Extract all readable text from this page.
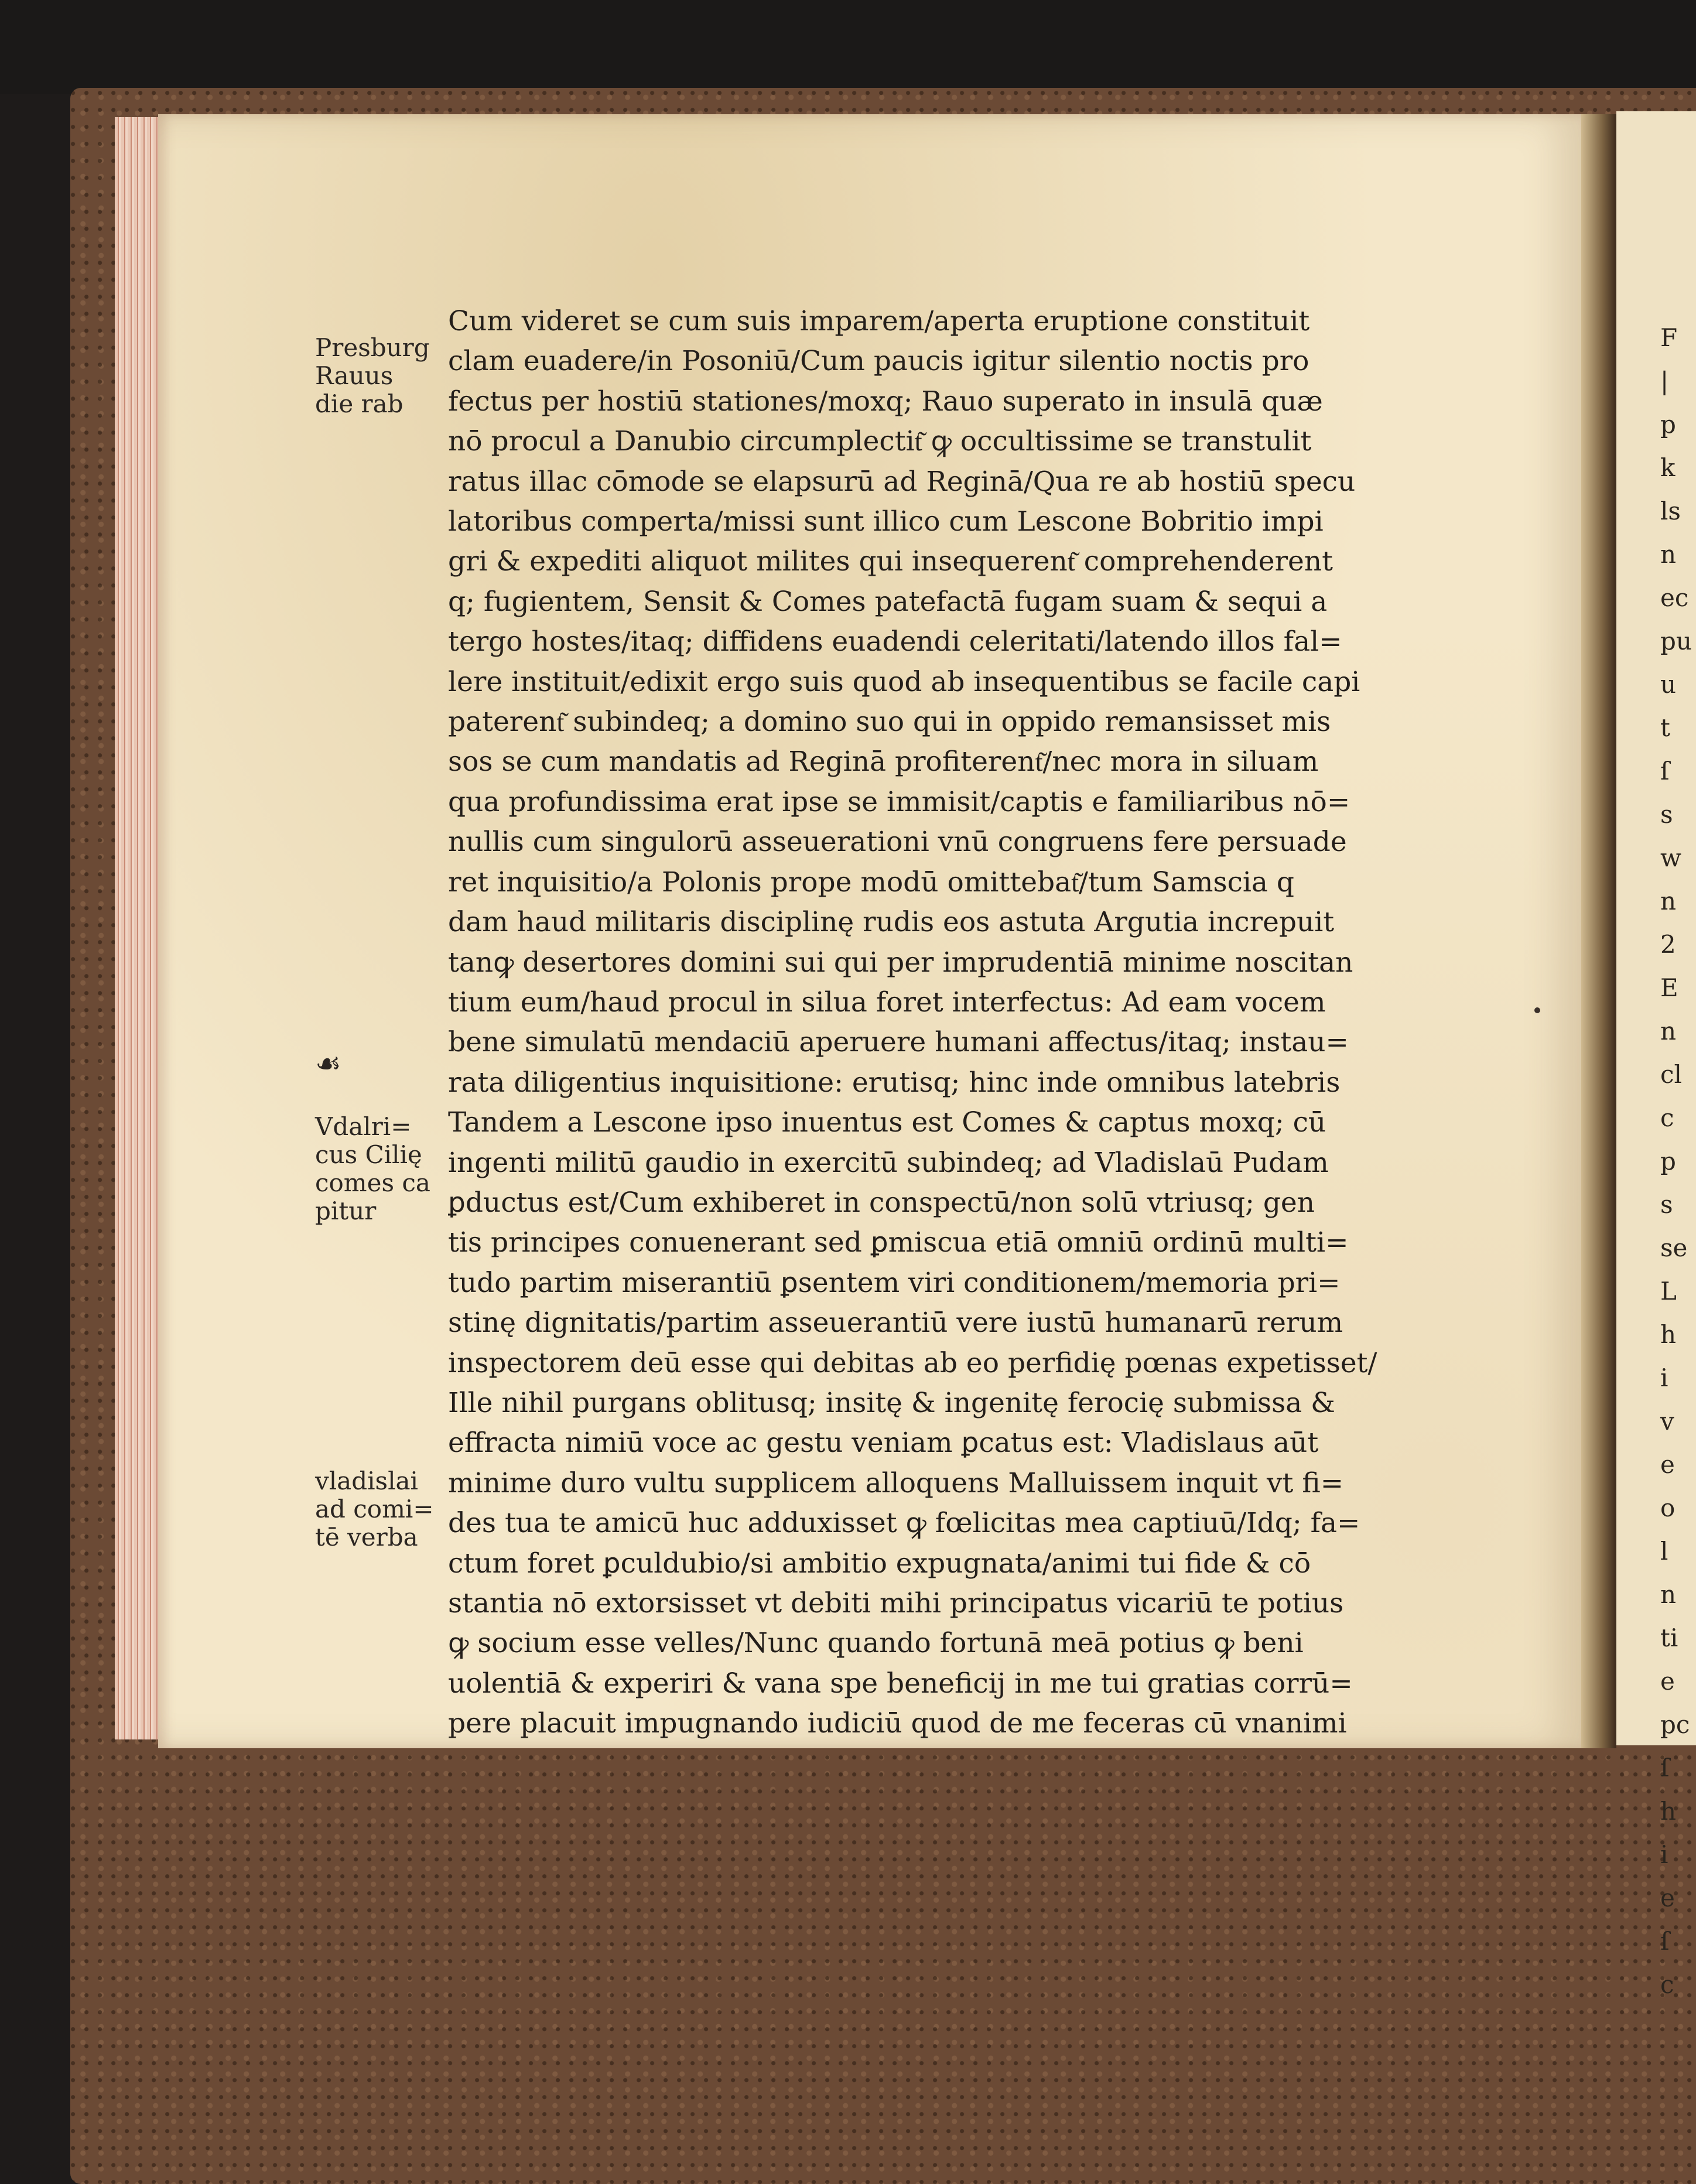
F
|
p
k
ls
n
ec
pu
u
t
ſ
s
w
n
2
E
n
cl
c
p
s
se
L
h
i
v
e
o
l
n
ti
e
pc
ſ
h
i
e
ſ
c

Presburg
Rauus
die rab

☙

Vdalri=
cus Cilię
comes ca
pitur

vladislai
ad comi=
tē verba

Cum videret se cum suis imparem/aperta eruptione constituit
clam euadere/in Posoniū/Cum paucis igitur silentio noctis pro
fectus per hostiū stationes/moxq; Rauo superato in insulā quæ
nō procul a Danubio circumplectit͂ ꝙ occultissime se transtulit
ratus illac cōmode se elapsurū ad Reginā/Qua re ab hostiū specu
latoribus comperta/missi sunt illico cum Lescone Bobritio impi
gri & expediti aliquot milites qui insequerent͂ comprehenderent
q; fugientem, Sensit & Comes patefactā fugam suam & sequi a
tergo hostes/itaq; diffidens euadendi celeritati/latendo illos fal=
lere instituit/edixit ergo suis quod ab insequentibus se facile capi
paterent͂ subindeq; a domino suo qui in oppido remansisset mis
sos se cum mandatis ad Reginā profiterent͂/nec mora in siluam
qua profundissima erat ipse se immisit/captis e familiaribus nō=
nullis cum singulorū asseuerationi vnū congruens fere persuade
ret inquisitio/a Polonis prope modū omittebat͂/tum Samscia q
dam haud militaris disciplinę rudis eos astuta Argutia increpuit
tanꝙ desertores domini sui qui per imprudentiā minime noscitan
tium eum/haud procul in silua foret interfectus: Ad eam vocem
bene simulatū mendaciū aperuere humani affectus/itaq; instau=
rata diligentius inquisitione: erutisq; hinc inde omnibus latebris
Tandem a Lescone ipso inuentus est Comes & captus moxq; cū
ingenti militū gaudio in exercitū subindeq; ad Vladislaū Pudam
ꝑductus est/Cum exhiberet in conspectū/non solū vtriusq; gen
tis principes conuenerant sed ꝑmiscua etiā omniū ordinū multi=
tudo partim miserantiū ꝑsentem viri conditionem/memoria pri=
stinę dignitatis/partim asseuerantiū vere iustū humanarū rerum
inspectorem deū esse qui debitas ab eo perfidię pœnas expetisset/
Ille nihil purgans oblitusq; insitę & ingenitę ferocię submissa &
effracta nimiū voce ac gestu veniam ꝑcatus est: Vladislaus aūt
minime duro vultu supplicem alloquens Malluissem inquit vt fi=
des tua te amicū huc adduxisset ꝙ fœlicitas mea captiuū/Idq; fa=
ctum foret ꝑculdubio/si ambitio expugnata/animi tui fide & cō
stantia nō extorsisset vt debiti mihi principatus vicariū te potius
ꝙ socium esse velles/Nunc quando fortunā meā potius ꝙ beni
uolentiā & experiri & vana spe beneficij in me tui gratias corrū=
pere placuit impugnando iudiciū quod de me feceras cū vnanimi
